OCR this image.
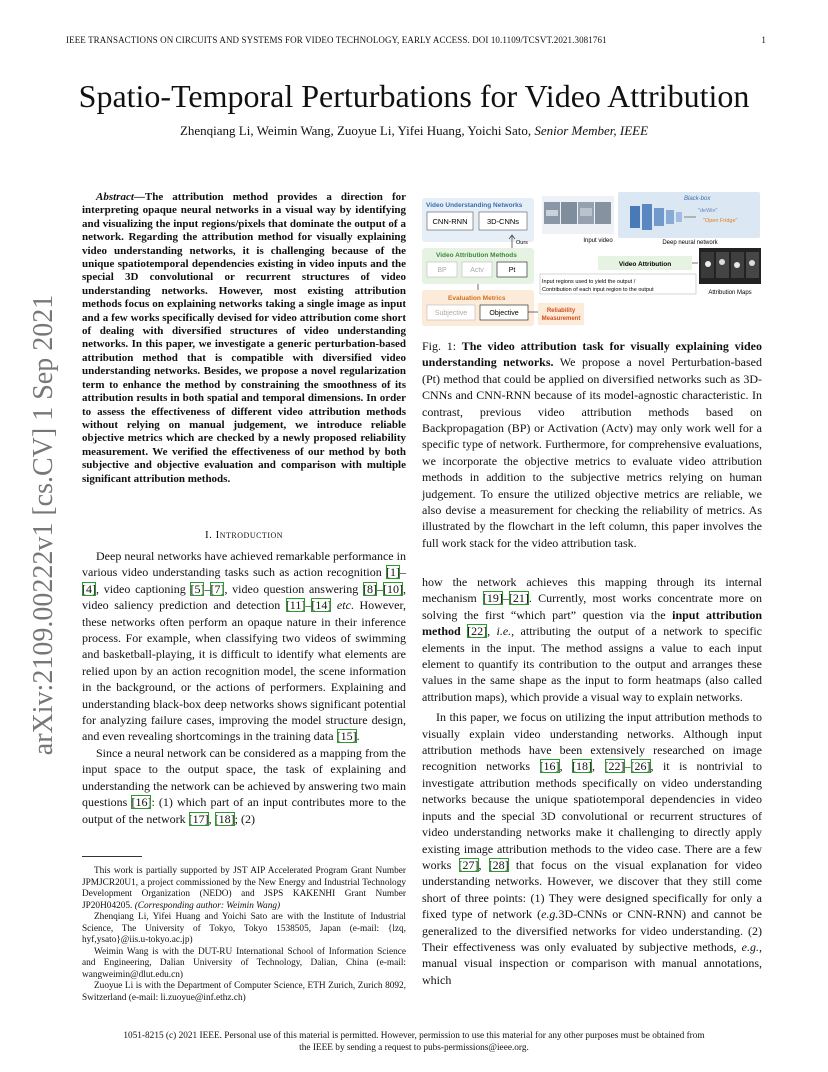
IEEE TRANSACTIONS ON CIRCUITS AND SYSTEMS FOR VIDEO TECHNOLOGY, EARLY ACCESS. DOI 10.1109/TCSVT.2021.3081761	1
Spatio-Temporal Perturbations for Video Attribution
Zhenqiang Li, Weimin Wang, Zuoyue Li, Yifei Huang, Yoichi Sato, Senior Member, IEEE
arXiv:2109.00222v1 [cs.CV] 1 Sep 2021
Abstract—The attribution method provides a direction for interpreting opaque neural networks in a visual way by identifying and visualizing the input regions/pixels that dominate the output of a network. Regarding the attribution method for visually explaining video understanding networks, it is challenging because of the unique spatiotemporal dependencies existing in video inputs and the special 3D convolutional or recurrent structures of video understanding networks. However, most existing attribution methods focus on explaining networks taking a single image as input and a few works specifically devised for video attribution come short of dealing with diversified structures of video understanding networks. In this paper, we investigate a generic perturbation-based attribution method that is compatible with diversified video understanding networks. Besides, we propose a novel regularization term to enhance the method by constraining the smoothness of its attribution results in both spatial and temporal dimensions. In order to assess the effectiveness of different video attribution methods without relying on manual judgement, we introduce reliable objective metrics which are checked by a newly proposed reliability measurement. We verified the effectiveness of our method by both subjective and objective evaluation and comparison with multiple significant attribution methods.
I. Introduction

Deep neural networks have achieved remarkable performance in various video understanding tasks such as action recognition [1]–[4], video captioning [5]–[7], video question answering [8]–[10], video saliency prediction and detection [11]–[14] etc. However, these networks often perform an opaque nature in their inference process. For example, when classifying two videos of swimming and basketball-playing, it is difficult to identify what elements are relied upon by an action recognition model, the scene information in the background, or the actions of performers. Explaining and understanding black-box deep networks shows significant potential for analyzing failure cases, improving the model structure design, and even revealing shortcomings in the training data [15].

Since a neural network can be considered as a mapping from the input space to the output space, the task of explaining and understanding the network can be achieved by answering two main questions [16]: (1) which part of an input contributes more to the output of the network [17], [18]; (2)

This work is partially supported by JST AIP Accelerated Program Grant Number JPMJCR20U1, a project commissioned by the New Energy and Industrial Technology Development Organization (NEDO) and JSPS KAKENHI Grant Number JP20H04205. (Corresponding author: Weimin Wang)
Zhenqiang Li, Yifei Huang and Yoichi Sato are with the Institute of Industrial Science, The University of Tokyo, Tokyo 1538505, Japan (e-mail: {lzq, hyf,ysato}@iis.u-tokyo.ac.jp)
Weimin Wang is with the DUT-RU International School of Information Science and Engineering, Dalian University of Technology, Dalian, China (e-mail: wangweimin@dlut.edu.cn)
Zuoyue Li is with the Department of Computer Science, ETH Zurich, Zurich 8092, Switzerland (e-mail: li.zuoyue@inf.ethz.ch)
Video Understanding Networks
CNN-RNN	3D-CNNs
Ours
Video Attribution Methods
BP	Actv	Pt
Evaluation Metrics
Subjective	Objective	Reliability
Measurement
Input video
Black-box
"deWin"
"Open Fridge"
Deep neural network
Video Attribution
Input regions used to yield the output /
Contribution of each input region to the output	Attribution Maps
Fig. 1: The video attribution task for visually explaining video understanding networks. We propose a novel Perturbation-based (Pt) method that could be applied on diversified networks such as 3D-CNNs and CNN-RNN because of its model-agnostic characteristic. In contrast, previous video attribution methods based on Backpropagation (BP) or Activation (Actv) may only work well for a specific type of network. Furthermore, for comprehensive evaluations, we incorporate the objective metrics to evaluate video attribution methods in addition to the subjective metrics relying on human judgement. To ensure the utilized objective metrics are reliable, we also devise a measurement for checking the reliability of metrics. As illustrated by the flowchart in the left column, this paper involves the full work stack for the video attribution task.

how the network achieves this mapping through its internal mechanism [19]–[21]. Currently, most works concentrate more on solving the first “which part” question via the input attribution method [22], i.e., attributing the output of a network to specific elements in the input. The method assigns a value to each input element to quantify its contribution to the output and arranges these values in the same shape as the input to form heatmaps (also called attribution maps), which provide a visual way to explain networks.

In this paper, we focus on utilizing the input attribution methods to visually explain video understanding networks. Although input attribution methods have been extensively researched on image recognition networks [16], [18], [22]–[26], it is nontrivial to investigate attribution methods specifically on video understanding networks because the unique spatiotemporal dependencies in video inputs and the special 3D convolutional or recurrent structures of video understanding networks make it challenging to directly apply existing image attribution methods to the video case. There are a few works [27], [28] that focus on the visual explanation for video understanding networks. However, we discover that they still come short of three points: (1) They were designed specifically for only a fixed type of network (e.g.3D-CNNs or CNN-RNN) and cannot be generalized to the diversified networks for video understanding. (2) Their effectiveness was only evaluated by subjective methods, e.g., manual visual inspection or comparison with manual annotations, which

1051-8215 (c) 2021 IEEE. Personal use of this material is permitted. However, permission to use this material for any other purposes must be obtained from
the IEEE by sending a request to pubs-permissions@ieee.org.
